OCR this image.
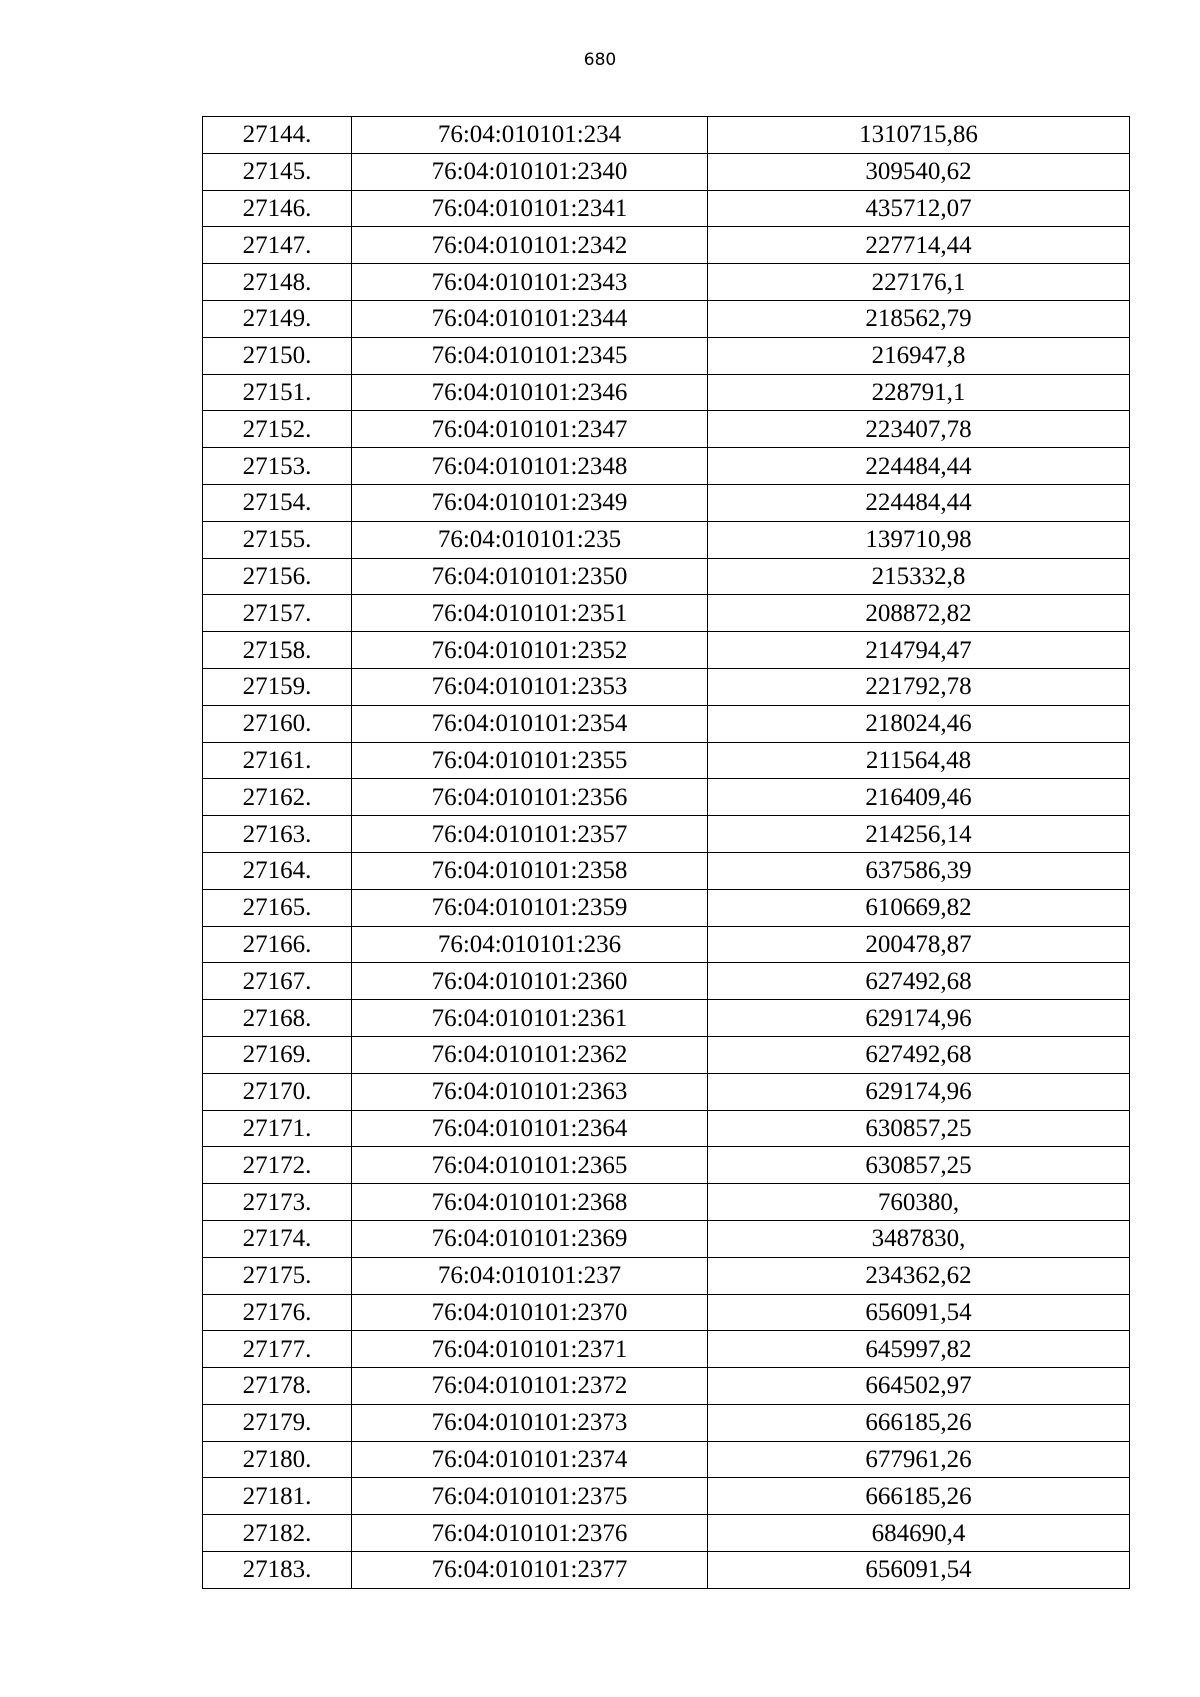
680
27144.	76:04:010101:234	1310715,86
27145.	76:04:010101:2340	309540,62
27146.	76:04:010101:2341	435712,07
27147.	76:04:010101:2342	227714,44
27148.	76:04:010101:2343	227176,1
27149.	76:04:010101:2344	218562,79
27150.	76:04:010101:2345	216947,8
27151.	76:04:010101:2346	228791,1
27152.	76:04:010101:2347	223407,78
27153.	76:04:010101:2348	224484,44
27154.	76:04:010101:2349	224484,44
27155.	76:04:010101:235	139710,98
27156.	76:04:010101:2350	215332,8
27157.	76:04:010101:2351	208872,82
27158.	76:04:010101:2352	214794,47
27159.	76:04:010101:2353	221792,78
27160.	76:04:010101:2354	218024,46
27161.	76:04:010101:2355	211564,48
27162.	76:04:010101:2356	216409,46
27163.	76:04:010101:2357	214256,14
27164.	76:04:010101:2358	637586,39
27165.	76:04:010101:2359	610669,82
27166.	76:04:010101:236	200478,87
27167.	76:04:010101:2360	627492,68
27168.	76:04:010101:2361	629174,96
27169.	76:04:010101:2362	627492,68
27170.	76:04:010101:2363	629174,96
27171.	76:04:010101:2364	630857,25
27172.	76:04:010101:2365	630857,25
27173.	76:04:010101:2368	760380,
27174.	76:04:010101:2369	3487830,
27175.	76:04:010101:237	234362,62
27176.	76:04:010101:2370	656091,54
27177.	76:04:010101:2371	645997,82
27178.	76:04:010101:2372	664502,97
27179.	76:04:010101:2373	666185,26
27180.	76:04:010101:2374	677961,26
27181.	76:04:010101:2375	666185,26
27182.	76:04:010101:2376	684690,4
27183.	76:04:010101:2377	656091,54
